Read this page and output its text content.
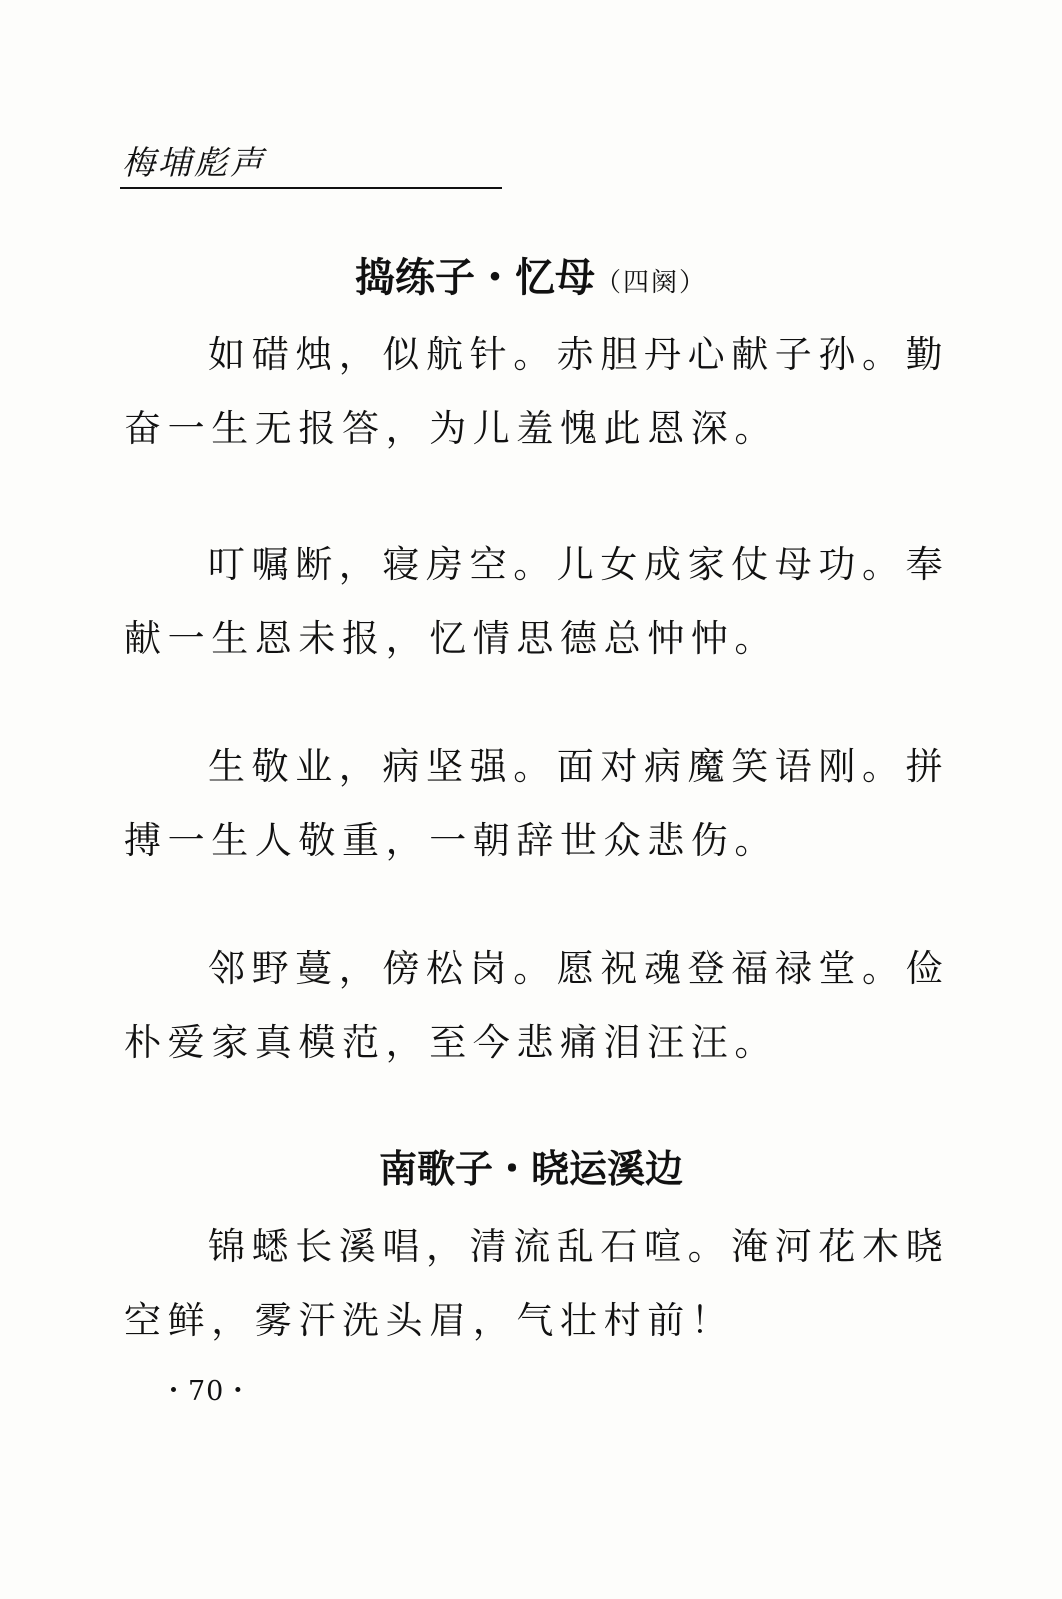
梅埔彪声
捣练子・忆母（四阕）
如碏烛，似航针。赤胆丹心献子孙。勤
奋一生无报答，为儿羞愧此恩深。
叮嘱断，寝房空。儿女成家仗母功。奉
献一生恩未报，忆情思德总忡忡。
生敬业，病坚强。面对病魔笑语刚。拼
搏一生人敬重，一朝辞世众悲伤。
邻野蔓，傍松岗。愿祝魂登福禄堂。俭
朴爱家真模范，至今悲痛泪汪汪。
南歌子・晓运溪边
锦蟋长溪唱，清流乱石喧。淹河花木晓
空鲜，雾汗洗头眉，气壮村前！
・70・
